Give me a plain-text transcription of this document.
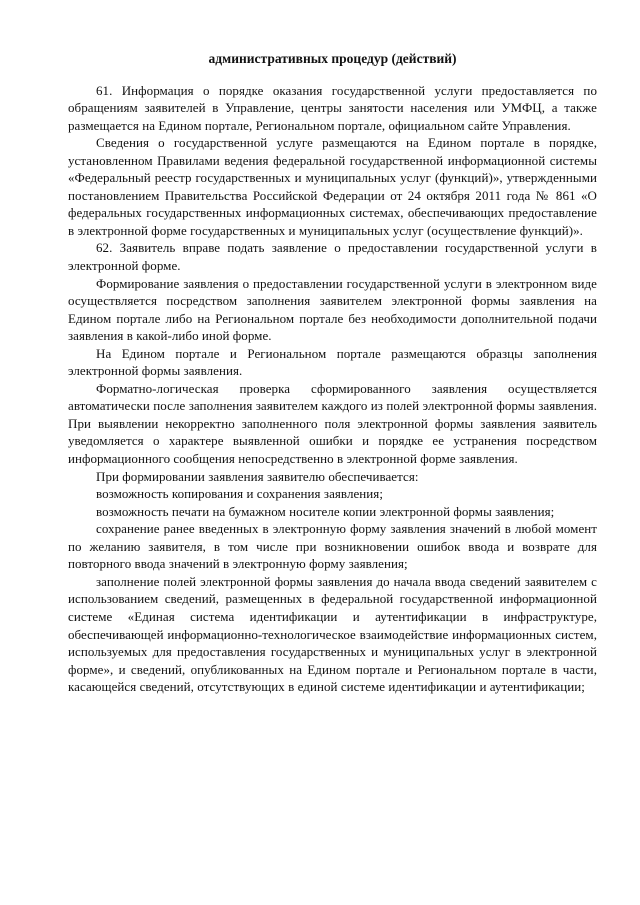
административных процедур (действий)

61. Информация о порядке оказания государственной услуги предоставляется по обращениям заявителей в Управление, центры занятости населения или УМФЦ, а также размещается на Едином портале, Региональном портале, официальном сайте Управления.

Сведения о государственной услуге размещаются на Едином портале в порядке, установленном Правилами ведения федеральной государственной информационной системы «Федеральный реестр государственных и муниципальных услуг (функций)», утвержденными постановлением Правительства Российской Федерации от 24 октября 2011 года № 861 «О федеральных государственных информационных системах, обеспечивающих предоставление в электронной форме государственных и муниципальных услуг (осуществление функций)».

62. Заявитель вправе подать заявление о предоставлении государственной услуги в электронной форме.

Формирование заявления о предоставлении государственной услуги в электронном виде осуществляется посредством заполнения заявителем электронной формы заявления на Едином портале либо на Региональном портале без необходимости дополнительной подачи заявления в какой-либо иной форме.

На Едином портале и Региональном портале размещаются образцы заполнения электронной формы заявления.

Форматно-логическая проверка сформированного заявления осуществляется автоматически после заполнения заявителем каждого из полей электронной формы заявления. При выявлении некорректно заполненного поля электронной формы заявления заявитель уведомляется о характере выявленной ошибки и порядке ее устранения посредством информационного сообщения непосредственно в электронной форме заявления.

При формировании заявления заявителю обеспечивается:

возможность копирования и сохранения заявления;

возможность печати на бумажном носителе копии электронной формы заявления;

сохранение ранее введенных в электронную форму заявления значений в любой момент по желанию заявителя, в том числе при возникновении ошибок ввода и возврате для повторного ввода значений в электронную форму заявления;

заполнение полей электронной формы заявления до начала ввода сведений заявителем с использованием сведений, размещенных в федеральной государственной информационной системе «Единая система идентификации и аутентификации в инфраструктуре, обеспечивающей информационно-технологическое взаимодействие информационных систем, используемых для предоставления государственных и муниципальных услуг в электронной форме», и сведений, опубликованных на Едином портале и Региональном портале в части, касающейся сведений, отсутствующих в единой системе идентификации и аутентификации;
